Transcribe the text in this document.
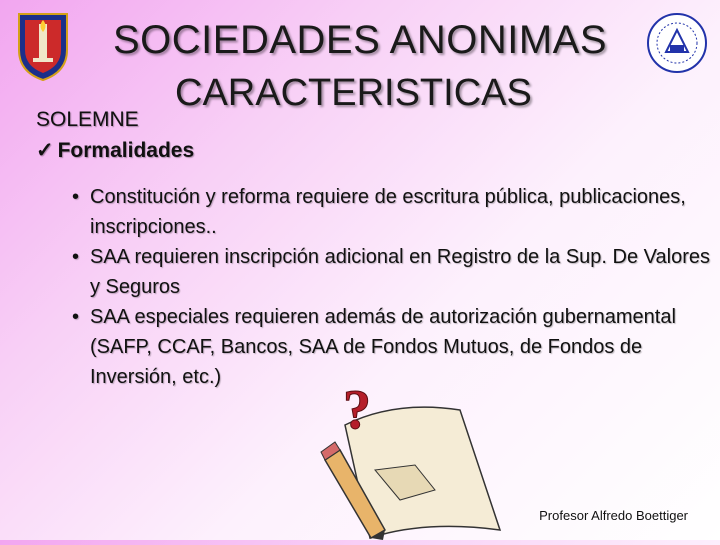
SOCIEDADES ANONIMAS
CARACTERISTICAS
SOLEMNE
✓ Formalidades
?
• Constitución y reforma requiere de escritura pública, publicaciones, inscripciones..
• SAA requieren inscripción adicional en Registro de la Sup. De Valores y Seguros
• SAA especiales requieren además de autorización gubernamental (SAFP, CCAF, Bancos, SAA de Fondos Mutuos, de Fondos de Inversión, etc.)
Profesor Alfredo Boettiger
